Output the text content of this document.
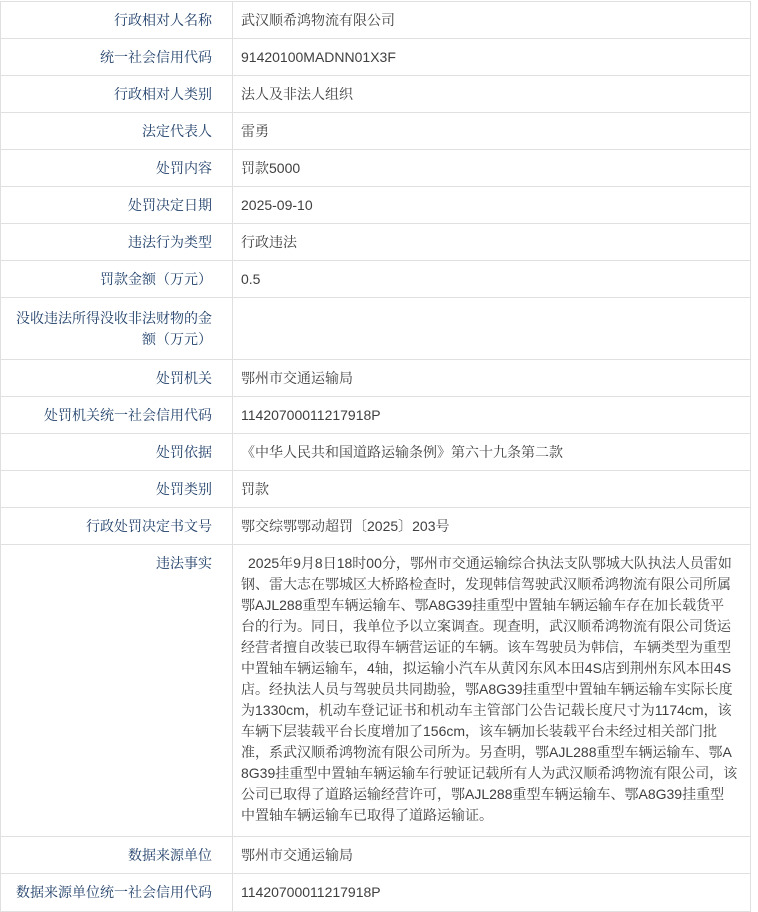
行政相对人名称	武汉顺希鸿物流有限公司
统一社会信用代码	91420100MADNN01X3F
行政相对人类别	法人及非法人组织
法定代表人	雷勇
处罚内容	罚款5000
处罚决定日期	2025-09-10
违法行为类型	行政违法
罚款金额（万元）	0.5
没收违法所得没收非法财物的金额（万元）
处罚机关	鄂州市交通运输局
处罚机关统一社会信用代码	11420700011217918P
处罚依据	《中华人民共和国道路运输条例》第六十九条第二款
处罚类别	罚款
行政处罚决定书文号	鄂交综鄂鄂动超罚〔2025〕203号
违法事实	2025年9月8日18时00分，鄂州市交通运输综合执法支队鄂城大队执法人员雷如钢、雷大志在鄂城区大桥路检查时，发现韩信驾驶武汉顺希鸿物流有限公司所属鄂AJL288重型车辆运输车、鄂A8G39挂重型中置轴车辆运输车存在加长载货平台的行为。同日，我单位予以立案调查。现查明，武汉顺希鸿物流有限公司货运经营者擅自改装已取得车辆营运证的车辆。该车驾驶员为韩信，车辆类型为重型中置轴车辆运输车，4轴，拟运输小汽车从黄冈东风本田4S店到荆州东风本田4S店。经执法人员与驾驶员共同勘验，鄂A8G39挂重型中置轴车辆运输车实际长度为1330cm，机动车登记证书和机动车主管部门公告记载长度尺寸为1174cm，该车辆下层装载平台长度增加了156cm，该车辆加长装载平台未经过相关部门批准，系武汉顺希鸿物流有限公司所为。另查明，鄂AJL288重型车辆运输车、鄂A8G39挂重型中置轴车辆运输车行驶证记载所有人为武汉顺希鸿物流有限公司，该公司已取得了道路运输经营许可，鄂AJL288重型车辆运输车、鄂A8G39挂重型中置轴车辆运输车已取得了道路运输证。
数据来源单位	鄂州市交通运输局
数据来源单位统一社会信用代码	11420700011217918P
